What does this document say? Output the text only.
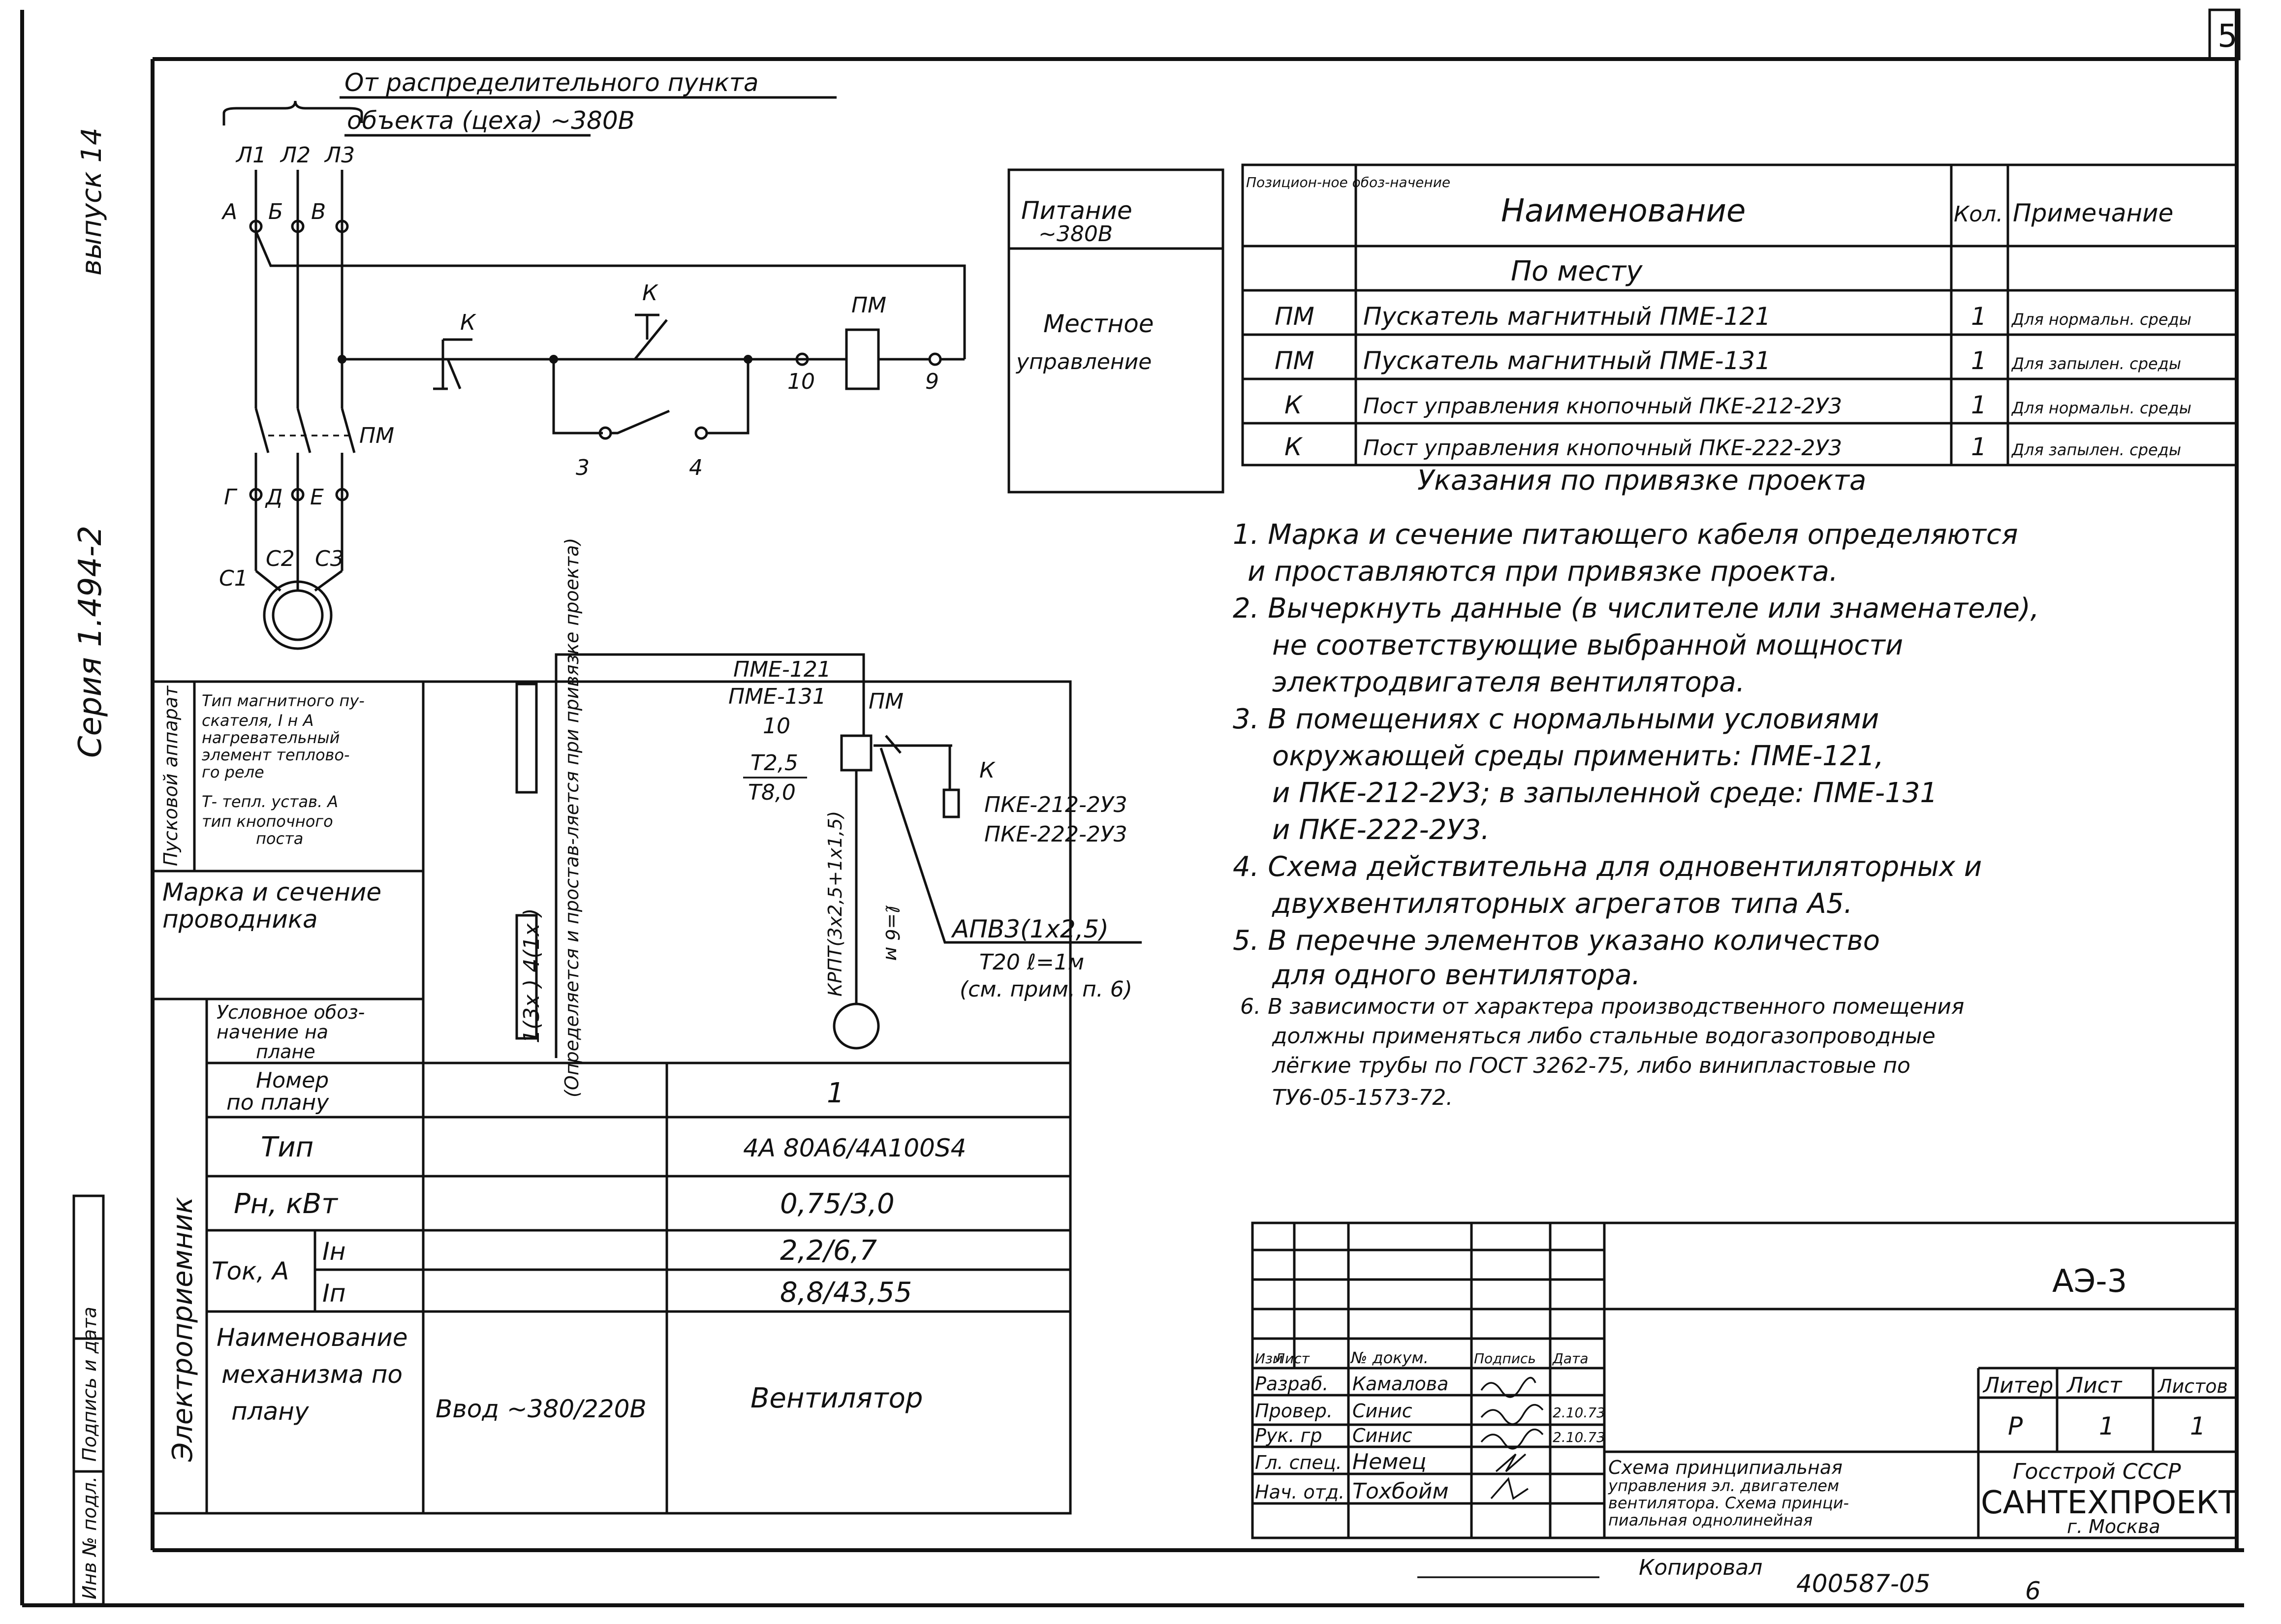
5
выпуск 14
Серия 1.494-2
Подпись и дата
Инв № подл.
От распределительного пункта
объекта (цеха) ~380В
Л1 Л2 Л3
А Б В
Г Д Е
С1
С2 С3
ПМ
К
К	ПМ
10	9
3	4
Питание
~380В
Местное
управление
Позицион-ное обоз-начение
Наименование	Кол. Примечание
По месту
ПМ Пускатель магнитный ПМЕ-121	1 Для нормальн. среды
ПМ Пускатель магнитный ПМЕ-131	1 Для запылен. среды
К	Пост управления кнопочный ПКЕ-212-2У3	1 Для нормальн. среды
К	Пост управления кнопочный ПКЕ-222-2У3	1 Для запылен. среды
Указания по привязке проекта
1. Марка и сечение питающего кабеля определяются
и проставляются при привязке проекта.
2. Вычеркнуть данные (в числителе или знаменателе),
не соответствующие выбранной мощности
электродвигателя вентилятора.
3. В помещениях с нормальными условиями
окружающей среды применить: ПМЕ-121,
и ПКЕ-212-2У3; в запыленной среде: ПМЕ-131
и ПКЕ-222-2У3.
4. Схема действительна для одновентиляторных и
двухвентиляторных агрегатов типа А5.
5. В перечне элементов указано количество
для одного вентилятора.
6. В зависимости от характера производственного помещения
должны применяться либо стальные водогазопроводные
лёгкие трубы по ГОСТ 3262-75, либо винипластовые по
ТУ6-05-1573-72.
ПМЕ-121
ПМЕ-131
10
Т2,5
Т8,0
ПМ
К
ПКЕ-212-2У3
ПКЕ-222-2У3
КРПТ(3х2,5+1х1,5) ℓ=6 м АПВ3(1х2,5)
Т20 ℓ=1м
(см. прим. п. 6)
1(3х ) 4(1х ) (Определяется и простав-ляется при привязке проекта)
Пусковой аппарат
Электроприемник
Тип магнитного пу-
скателя, I н А
нагревательный
элемент теплово-
го реле
Т- тепл. устав. А
тип кнопочного
поста
Марка и сечение
проводника
Условное обоз-
начение на
плане
Номер
по плану	1
Тип	4А 80А6/4А100S4
Рн, кВт	0,75/3,0
Ток, А
Iн	2,2/6,7
Iп	8,8/43,55
Наименование
механизма по
плану	Ввод ~380/220В	Вентилятор
АЭ-3
Изм
Лист	№ докум.	Подпись Дата
Разраб. Камалова
Провер. Синис	2.10.73
Рук. гр Синис	2.10.73
Гл. спец. Немец
Нач. отд. Тохбойм
Схема принципиальная
управления эл. двигателем
вентилятора. Схема принци-
пиальная однолинейная
Литер Лист Листов
Р	1	1
Госстрой СССР
САНТЕХПРОЕКТ
г. Москва
Копировал
400587-05	6
